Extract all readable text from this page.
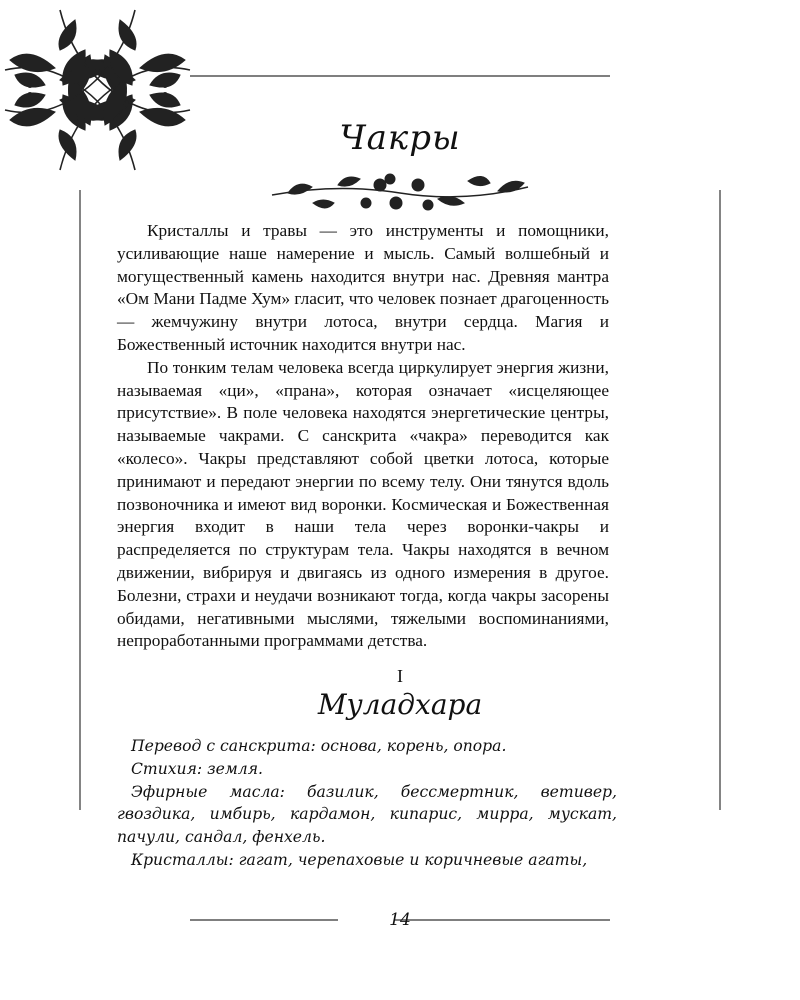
Чакры

Кристаллы и травы — это инструменты и помощники, усиливающие наше намерение и мысль. Самый волшебный и могущественный камень находится внутри нас. Древняя мантра «Ом Мани Падме Хум» гласит, что человек познает драгоценность — жемчужину внутри лотоса, внутри сердца. Магия и Божественный источник находится внутри нас.

По тонким телам человека всегда циркулирует энергия жизни, называемая «ци», «прана», которая означает «исцеляющее присутствие». В поле человека находятся энергетические центры, называемые чакрами. С санскрита «чакра» переводится как «колесо». Чакры представляют собой цветки лотоса, которые принимают и передают энергии по всему телу. Они тянутся вдоль позвоночника и имеют вид воронки. Космическая и Божественная энергия входит в наши тела через воронки-чакры и распределяется по структурам тела. Чакры находятся в вечном движении, вибрируя и двигаясь из одного измерения в другое. Болезни, страхи и неудачи возникают тогда, когда чакры засорены обидами, негативными мыслями, тяжелыми воспоминаниями, непроработанными программами детства.

I
Муладхара

Перевод с санскрита: основа, корень, опора.

Стихия: земля.

Эфирные масла: базилик, бессмертник, ветивер, гвоздика, имбирь, кардамон, кипарис, мирра, мускат, пачули, сандал, фенхель.

Кристаллы: гагат, черепаховые и коричневые агаты,

14
